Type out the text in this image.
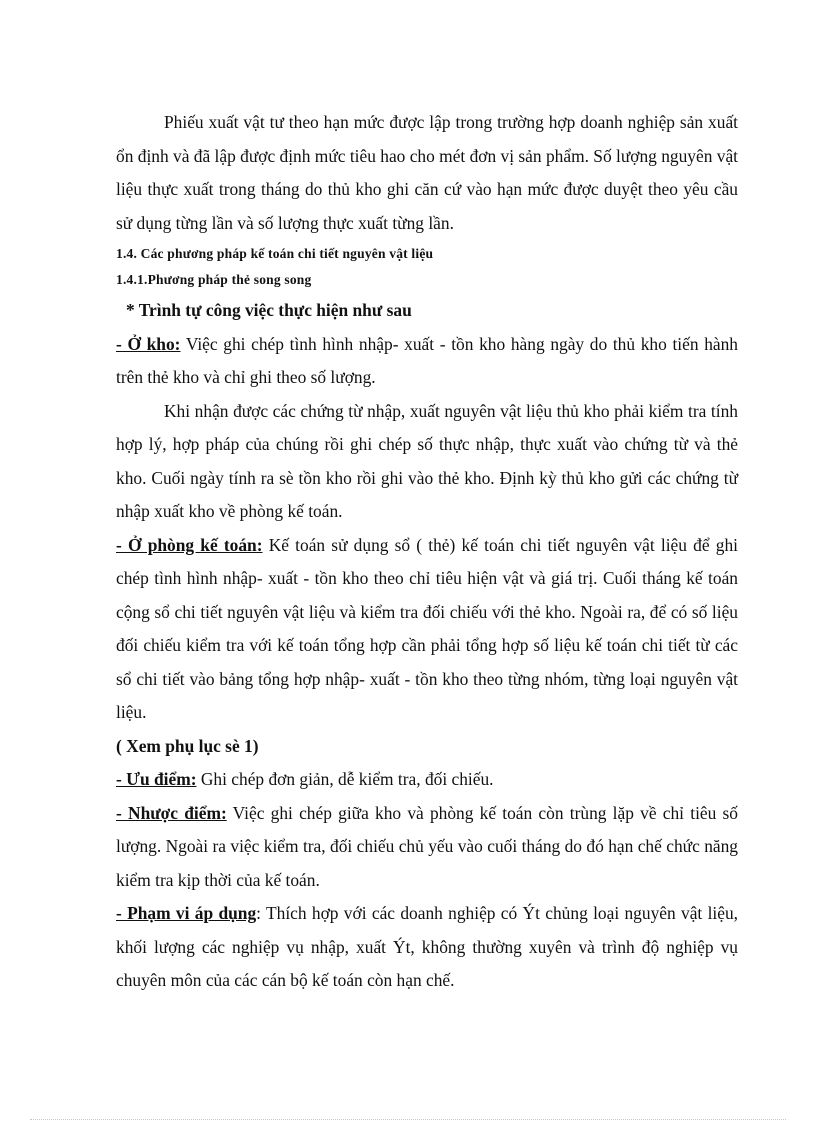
Phiếu xuất vật tư theo hạn mức được lập trong trường hợp doanh nghiệp sản xuất ổn định và đã lập được định mức tiêu hao cho mét đơn vị sản phẩm. Số lượng nguyên vật liệu thực xuất trong tháng do thủ kho ghi căn cứ vào hạn mức được duyệt theo yêu cầu sử dụng từng lần và số lượng thực xuất từng lần.

1.4. Các phương pháp kế toán chi tiết nguyên vật liệu

1.4.1.Phương pháp thẻ song song

* Trình tự công việc thực hiện như sau

- Ở kho: Việc ghi chép tình hình nhập- xuất - tồn kho hàng ngày do thủ kho tiến hành trên thẻ kho và chỉ ghi theo số lượng.

Khi nhận được các chứng từ nhập, xuất nguyên vật liệu thủ kho phải kiểm tra tính hợp lý, hợp pháp của chúng rồi ghi chép số thực nhập, thực xuất vào chứng từ và thẻ kho. Cuối ngày tính ra sè tồn kho rồi ghi vào thẻ kho. Định kỳ thủ kho gửi các chứng từ nhập xuất kho về phòng kế toán.

- Ở phòng kế toán: Kế toán sử dụng sổ ( thẻ) kế toán chi tiết nguyên vật liệu để ghi chép tình hình nhập- xuất - tồn kho theo chỉ tiêu hiện vật và giá trị. Cuối tháng kế toán cộng sổ chi tiết nguyên vật liệu và kiểm tra đối chiếu với thẻ kho. Ngoài ra, để có số liệu đối chiếu kiểm tra với kế toán tổng hợp cần phải tổng hợp số liệu kế toán chi tiết từ các sổ chi tiết vào bảng tổng hợp nhập- xuất - tồn kho theo từng nhóm, từng loại nguyên vật liệu.

( Xem phụ lục sè 1)

- Ưu điểm: Ghi chép đơn giản, dễ kiểm tra, đối chiếu.

- Nhược điểm: Việc ghi chép giữa kho và phòng kế toán còn trùng lặp về chỉ tiêu số lượng. Ngoài ra việc kiểm tra, đối chiếu chủ yếu vào cuối tháng do đó hạn chế chức năng kiểm tra kịp thời của kế toán.

- Phạm vi áp dụng: Thích hợp với các doanh nghiệp có Ýt chủng loại nguyên vật liệu, khối lượng các nghiệp vụ nhập, xuất Ýt, không thường xuyên và trình độ nghiệp vụ chuyên môn của các cán bộ kế toán còn hạn chế.
